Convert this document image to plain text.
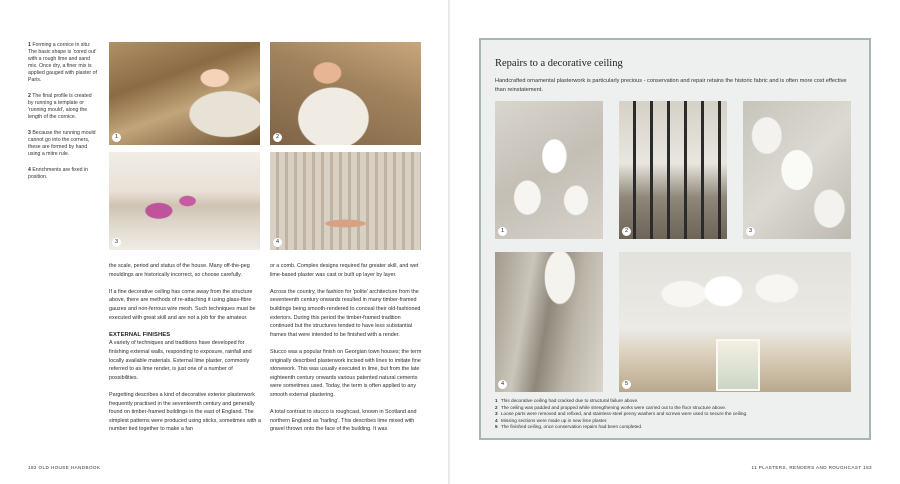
1 Forming a cornice in situ: The basic shape is 'cored out' with a rough lime and sand mix. Once dry, a finer mix is applied gauged with plaster of Paris.

2 The final profile is created by running a template or 'running mould', along the length of the cornice.

3 Because the running mould cannot go into the corners, these are formed by hand using a mitre rule.

4 Enrichments are fixed in position.

1	2
3	4

the scale, period and status of the house. Many off-the-peg mouldings are historically incorrect, so choose carefully.

If a fine decorative ceiling has come away from the structure above, there are methods of re-attaching it using glass-fibre gauzes and non-ferrous wire mesh. Such techniques must be executed with great skill and are not a job for the amateur.

EXTERNAL FINISHES

A variety of techniques and traditions have developed for finishing external walls, responding to exposure, rainfall and locally available materials. External lime plaster, commonly referred to as lime render, is just one of a number of possibilities.

Pargetting describes a kind of decorative exterior plasterwork frequently practised in the seventeenth century and generally found on timber-framed buildings in the east of England. The simplest patterns were produced using sticks, sometimes with a number tied together to make a fan

or a comb. Complex designs required far greater skill, and wet lime-based plaster was cast or built up layer by layer.

Across the country, the fashion for 'polite' architecture from the seventeenth century onwards resulted in many timber-framed buildings being smooth-rendered to conceal their old-fashioned exteriors. During this period the timber-framed tradition continued but the structures tended to have less substantial frames that were intended to be finished with a render.

Stucco was a popular finish on Georgian town houses; the term originally described plasterwork incised with lines to imitate fine stonework. This was usually executed in lime, but from the late eighteenth century onwards various patented natural cements were sometimes used. Today, the term is often applied to any smooth external plastering.

A total contrast to stucco is roughcast, known in Scotland and northern England as 'harling'. This describes lime mixed with gravel thrown onto the face of the building. It was

182 OLD HOUSE HANDBOOK
Repairs to a decorative ceiling
Handcrafted ornamental plasterwork is particularly precious - conservation and repair retains the historic fabric and is often more cost effective than reinstatement.
1	2	3
4	5
1 This decorative ceiling had cracked due to structural failure above.
2 The ceiling was padded and propped while strengthening works were carried out to the floor structure above.
3 Loose parts were removed and refixed, and stainless-steel penny washers and screws were used to secure the ceiling.
4 Missing sections were made up in new lime plaster.
5 The finished ceiling, once conservation repairs had been completed.
11 PLASTERS, RENDERS AND ROUGHCAST 183
